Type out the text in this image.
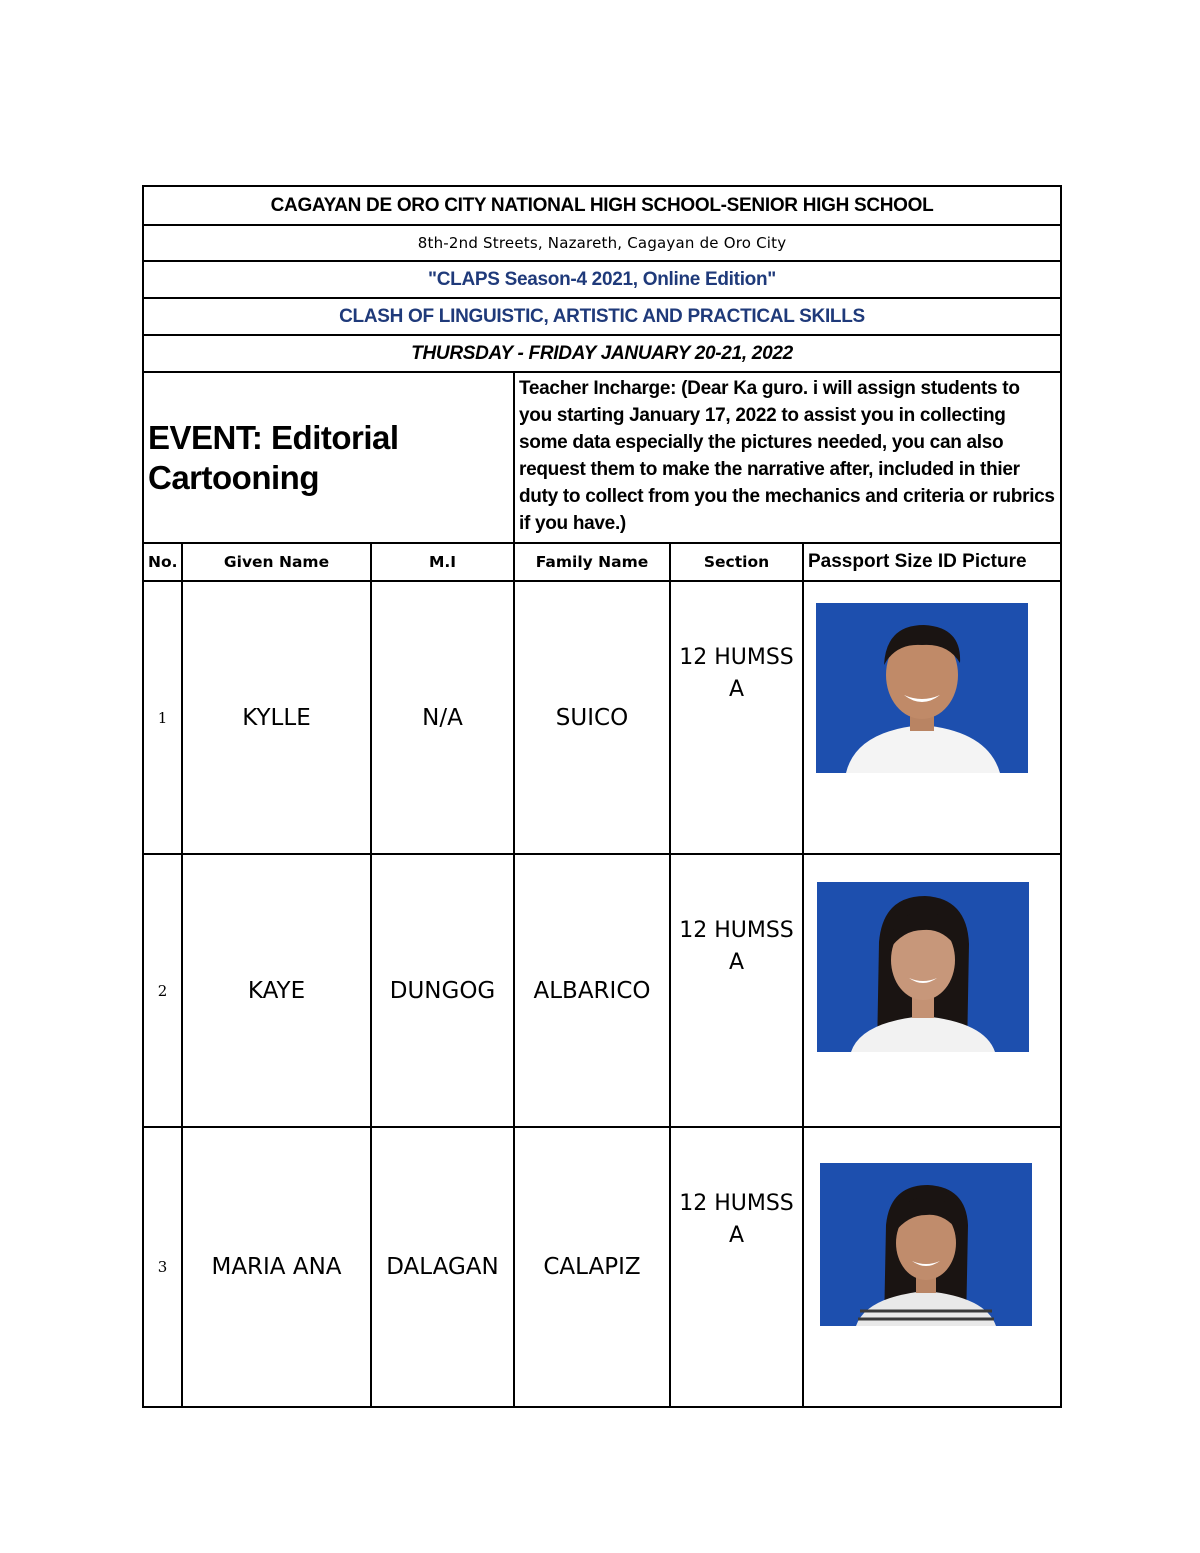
CAGAYAN DE ORO CITY NATIONAL HIGH SCHOOL-SENIOR HIGH SCHOOL					
8th-2nd Streets, Nazareth, Cagayan de Oro City					
"CLAPS Season-4 2021, Online Edition"					
CLASH OF LINGUISTIC, ARTISTIC AND PRACTICAL SKILLS					
THURSDAY - FRIDAY JANUARY 20-21, 2022					

EVENT: Editorial Cartooning			Teacher Incharge: (Dear Ka guro. i will assign students to you starting January 17, 2022 to assist you in collecting some data especially the pictures needed, you can also request them to make the narrative after, included in thier duty to collect from you the mechanics and criteria or rubrics if you have.)		
No.	Given Name	M.I	Family Name	Section	Passport Size ID Picture
1	KYLLE	N/A	SUICO	12 HUMSS A

2	KAYE	DUNGOG	ALBARICO	12 HUMSS A

3	MARIA ANA	DALAGAN	CALAPIZ	12 HUMSS A
